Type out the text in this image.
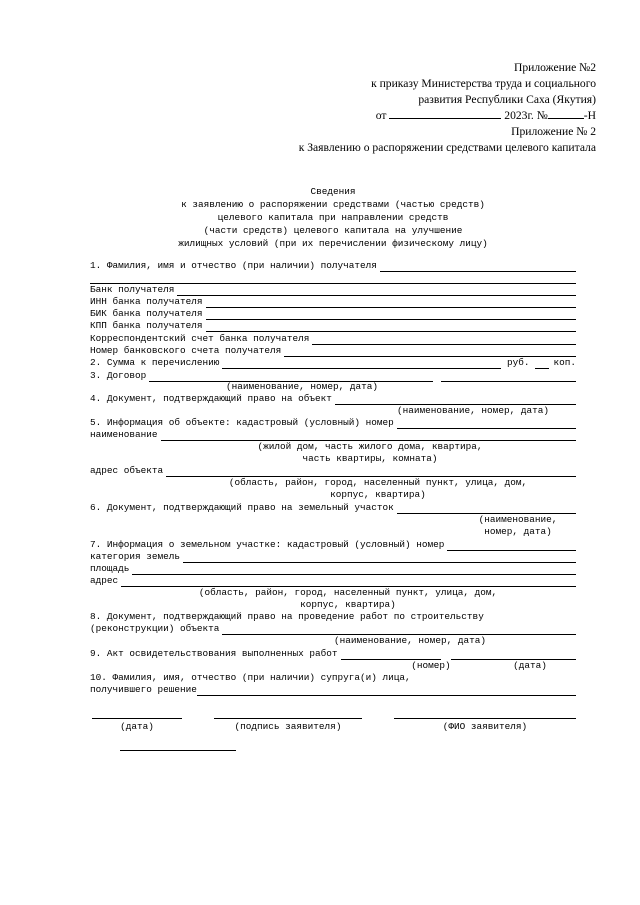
Приложение №2
к приказу Министерства труда и социального
развития Республики Саха (Якутия)
от	2023г. №	-Н
Приложение № 2
к Заявлению о распоряжении средствами целевого капитала
Сведения
к заявлению о распоряжении средствами (частью средств)
целевого капитала при направлении средств
(части средств) целевого капитала на улучшение
жилищных условий (при их перечислении физическому лицу)
1. Фамилия, имя и отчество (при наличии) получателя
Банк получателя
ИНН банка получателя
БИК банка получателя
КПП банка получателя
Корреспондентский счет банка получателя
Номер банковского счета получателя
2. Сумма к перечислению	руб.	коп.
3. Договор
(наименование, номер, дата)
4. Документ, подтверждающий право на объект
(наименование, номер, дата)
5. Информация об объекте: кадастровый (условный) номер
наименование
(жилой дом, часть жилого дома, квартира,
часть квартиры, комната)
адрес объекта
(область, район, город, населенный пункт, улица, дом,
корпус, квартира)
6. Документ, подтверждающий право на земельный участок
(наименование,
номер, дата)
7. Информация о земельном участке: кадастровый (условный) номер
категория земель
площадь
адрес
(область, район, город, населенный пункт, улица, дом,
корпус, квартира)
8. Документ, подтверждающий право на проведение работ по строительству
(реконструкции) объекта
(наименование, номер, дата)
9. Акт освидетельствования выполненных работ
(номер)	(дата)
10. Фамилия, имя, отчество (при наличии) супруга(и) лица,
получившего решение
(дата)	(подпись заявителя)	(ФИО заявителя)
